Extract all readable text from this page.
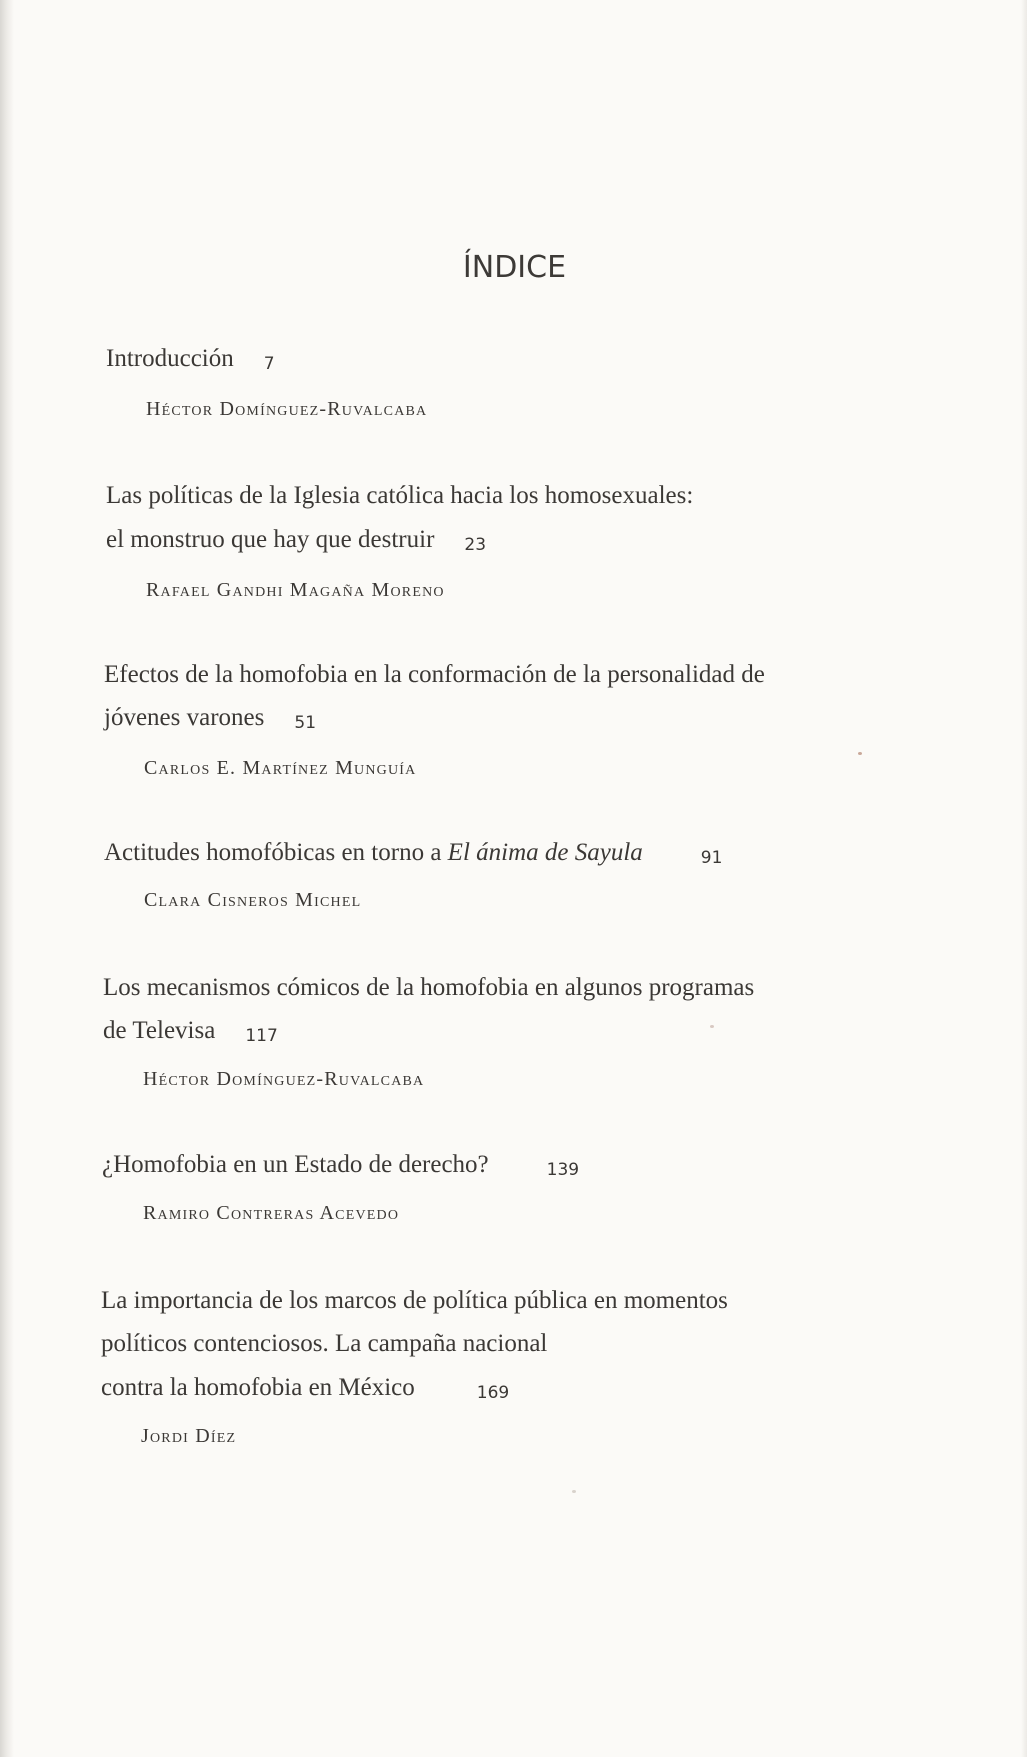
ÍNDICE
Introducción 7
Héctor Domínguez-Ruvalcaba
Las políticas de la Iglesia católica hacia los homosexuales:
el monstruo que hay que destruir 23
Rafael Gandhi Magaña Moreno
Efectos de la homofobia en la conformación de la personalidad de
jóvenes varones 51
Carlos E. Martínez Munguía
Actitudes homofóbicas en torno a El ánima de Sayula	91
Clara Cisneros Michel
Los mecanismos cómicos de la homofobia en algunos programas
de Televisa 117
Héctor Domínguez-Ruvalcaba
¿Homofobia en un Estado de derecho?	139
Ramiro Contreras Acevedo
La importancia de los marcos de política pública en momentos
políticos contenciosos. La campaña nacional
contra la homofobia en México	169
Jordi Díez
